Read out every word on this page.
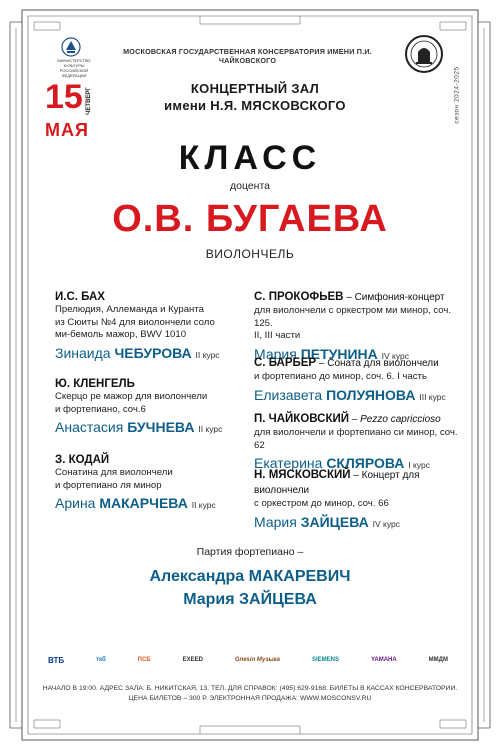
МИНИСТЕРСТВО КУЛЬТУРЫ РОССИЙСКОЙ ФЕДЕРАЦИИ
МОСКОВСКАЯ ГОСУДАРСТВЕННАЯ КОНСЕРВАТОРИЯ ИМЕНИ П.И. ЧАЙКОВСКОГО
сезон 2024-2025
15 ЧЕТВЕРГ
МАЯ
КОНЦЕРТНЫЙ ЗАЛ
имени Н.Я. МЯСКОВСКОГО
КЛАСС
доцента
О.В. БУГАЕВА
ВИОЛОНЧЕЛЬ
И.С. БАХ
Прелюдия, Аллеманда и Куранта
из Сюиты №4 для виолончели соло
ми-бемоль мажор, BWV 1010
Зинаида ЧЕБУРОВА II курс
Ю. КЛЕНГЕЛЬ
Скерцо ре мажор для виолончели
и фортепиано, соч.6
Анастасия БУЧНЕВА II курс
З. КОДАЙ
Сонатина для виолончели
и фортепиано ля минор
Арина МАКАРЧЕВА II курс
С. ПРОКОФЬЕВ – Симфония-концерт
для виолончели с оркестром ми минор, соч. 125.
II, III части
Мария ПЕТУНИНА IV курс
С. БАРБЕР – Соната для виолончели
и фортепиано до минор, соч. 6. I часть
Елизавета ПОЛУЯНОВА III курс
П. ЧАЙКОВСКИЙ – Pezzo capriccioso
для виолончели и фортепиано си минор, соч. 62
Екатерина СКЛЯРОВА I курс
Н. МЯСКОВСКИЙ – Концерт для виолончели
с оркестром до минор, соч. 66
Мария ЗАЙЦЕВА IV курс
Партия фортепиано –
Александра МАКАРЕВИЧ
Мария ЗАЙЦЕВА
ВТБ	ткб	ПСБ	EXEED	Gnesin Музыка	SIEMENS	YAMAHA	ММДМ
НАЧАЛО В 19:00. АДРЕС ЗАЛА: Б. НИКИТСКАЯ, 13. ТЕЛ. ДЛЯ СПРАВОК: (495) 629-9168. БИЛЕТЫ В КАССАХ КОНСЕРВАТОРИИ.
ЦЕНА БИЛЕТОВ – 300 Р. ЭЛЕКТРОННАЯ ПРОДАЖА: WWW.MOSCONSV.RU
